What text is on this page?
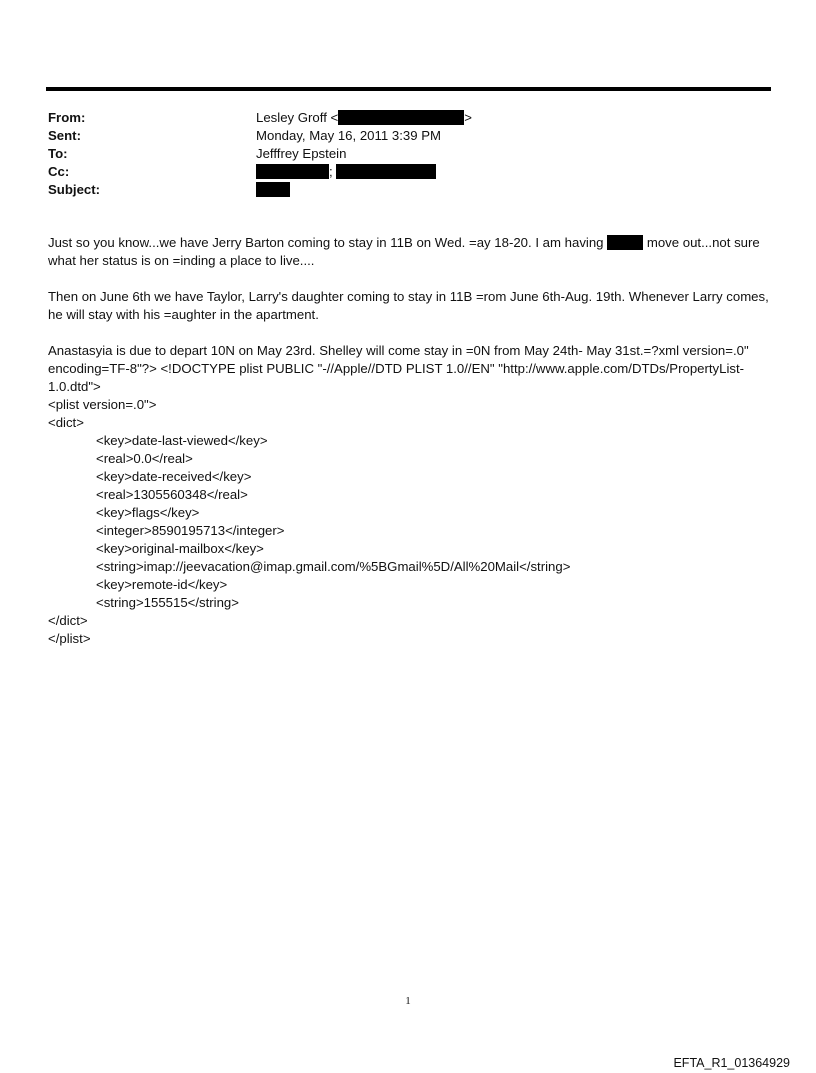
From:	Lesley Groff <	>
Sent:	Monday, May 16, 2011 3:39 PM
To:	Jefffrey Epstein
Cc:	;
Subject:

Just so you know...we have Jerry Barton coming to stay in 11B on Wed. =ay 18-20. I am having	move out...not sure what her status is on =inding a place to live....

Then on June 6th we have Taylor, Larry's daughter coming to stay in 11B =rom June 6th-Aug. 19th. Whenever Larry comes, he will stay with his =aughter in the apartment.

Anastasyia is due to depart 10N on May 23rd. Shelley will come stay in =0N from May 24th- May 31st.=?xml version=.0" encoding=TF-8"?> <!DOCTYPE plist PUBLIC "-//Apple//DTD PLIST 1.0//EN" "http://www.apple.com/DTDs/PropertyList-1.0.dtd">
<plist version=.0">
<dict>
<key>date-last-viewed</key>
<real>0.0</real>
<key>date-received</key>
<real>1305560348</real>
<key>flags</key>
<integer>8590195713</integer>
<key>original-mailbox</key>
<string>imap://jeevacation@imap.gmail.com/%5BGmail%5D/All%20Mail</string>
<key>remote-id</key>
<string>155515</string>
</dict>
</plist>
1
EFTA_R1_01364929
